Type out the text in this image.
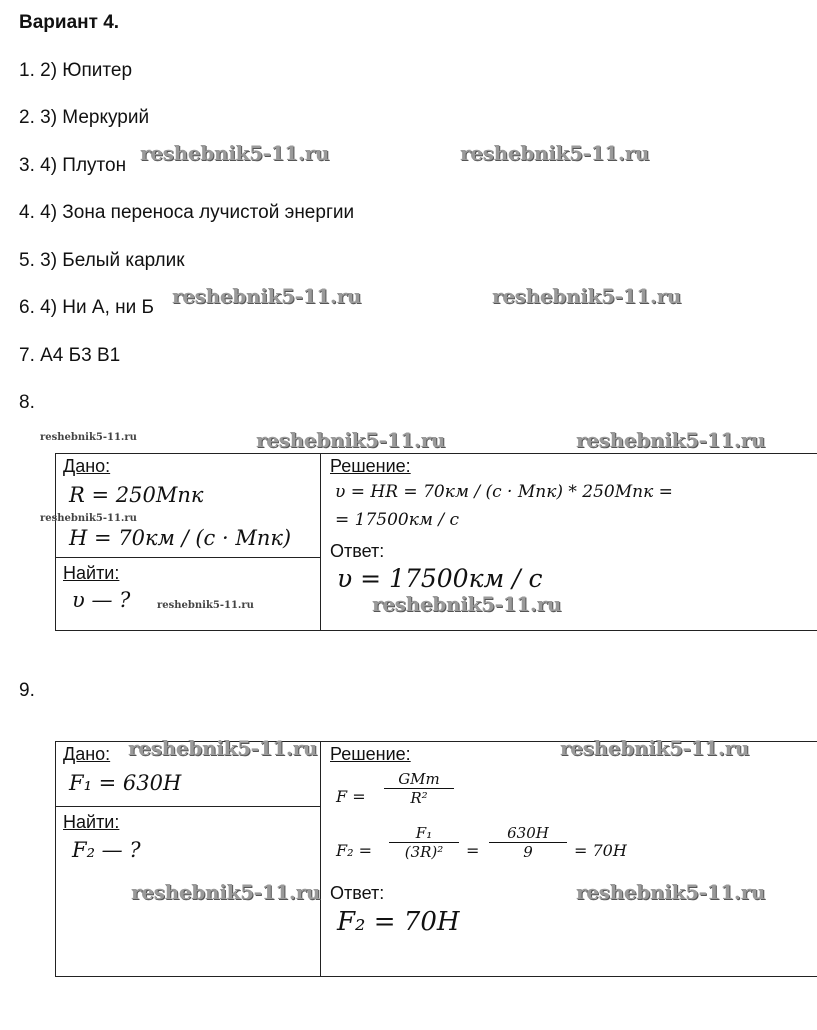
Вариант 4.
1. 2) Юпитер
2. 3) Меркурий
3. 4) Плутон
4. 4) Зона переноса лучистой энергии
5. 3) Белый карлик
6. 4) Ни А, ни Б
7. А4 Б3 В1
8.
Дано:
R = 250Мпк
H = 70км / (c · Мпк)
Найти:
υ — ?
Решение:
υ = HR = 70км / (c · Мпк) * 250Мпк =
= 17500км / c
Ответ:
υ = 17500км / c
9.
Дано:
F₁ = 630H
Найти:
F₂ — ?
Решение:
F =
GMm
R²
F₂ =
F₁
(3R)²	=
630H
9	= 70H
Ответ:
F₂ = 70H
reshebnik5-11.ru	reshebnik5-11.ru
reshebnik5-11.ru	reshebnik5-11.ru
reshebnik5-11.ru	reshebnik5-11.ru	reshebnik5-11.ru
reshebnik5-11.ru
reshebnik5-11.ru	reshebnik5-11.ru
reshebnik5-11.ru	reshebnik5-11.ru
reshebnik5-11.ru	reshebnik5-11.ru
